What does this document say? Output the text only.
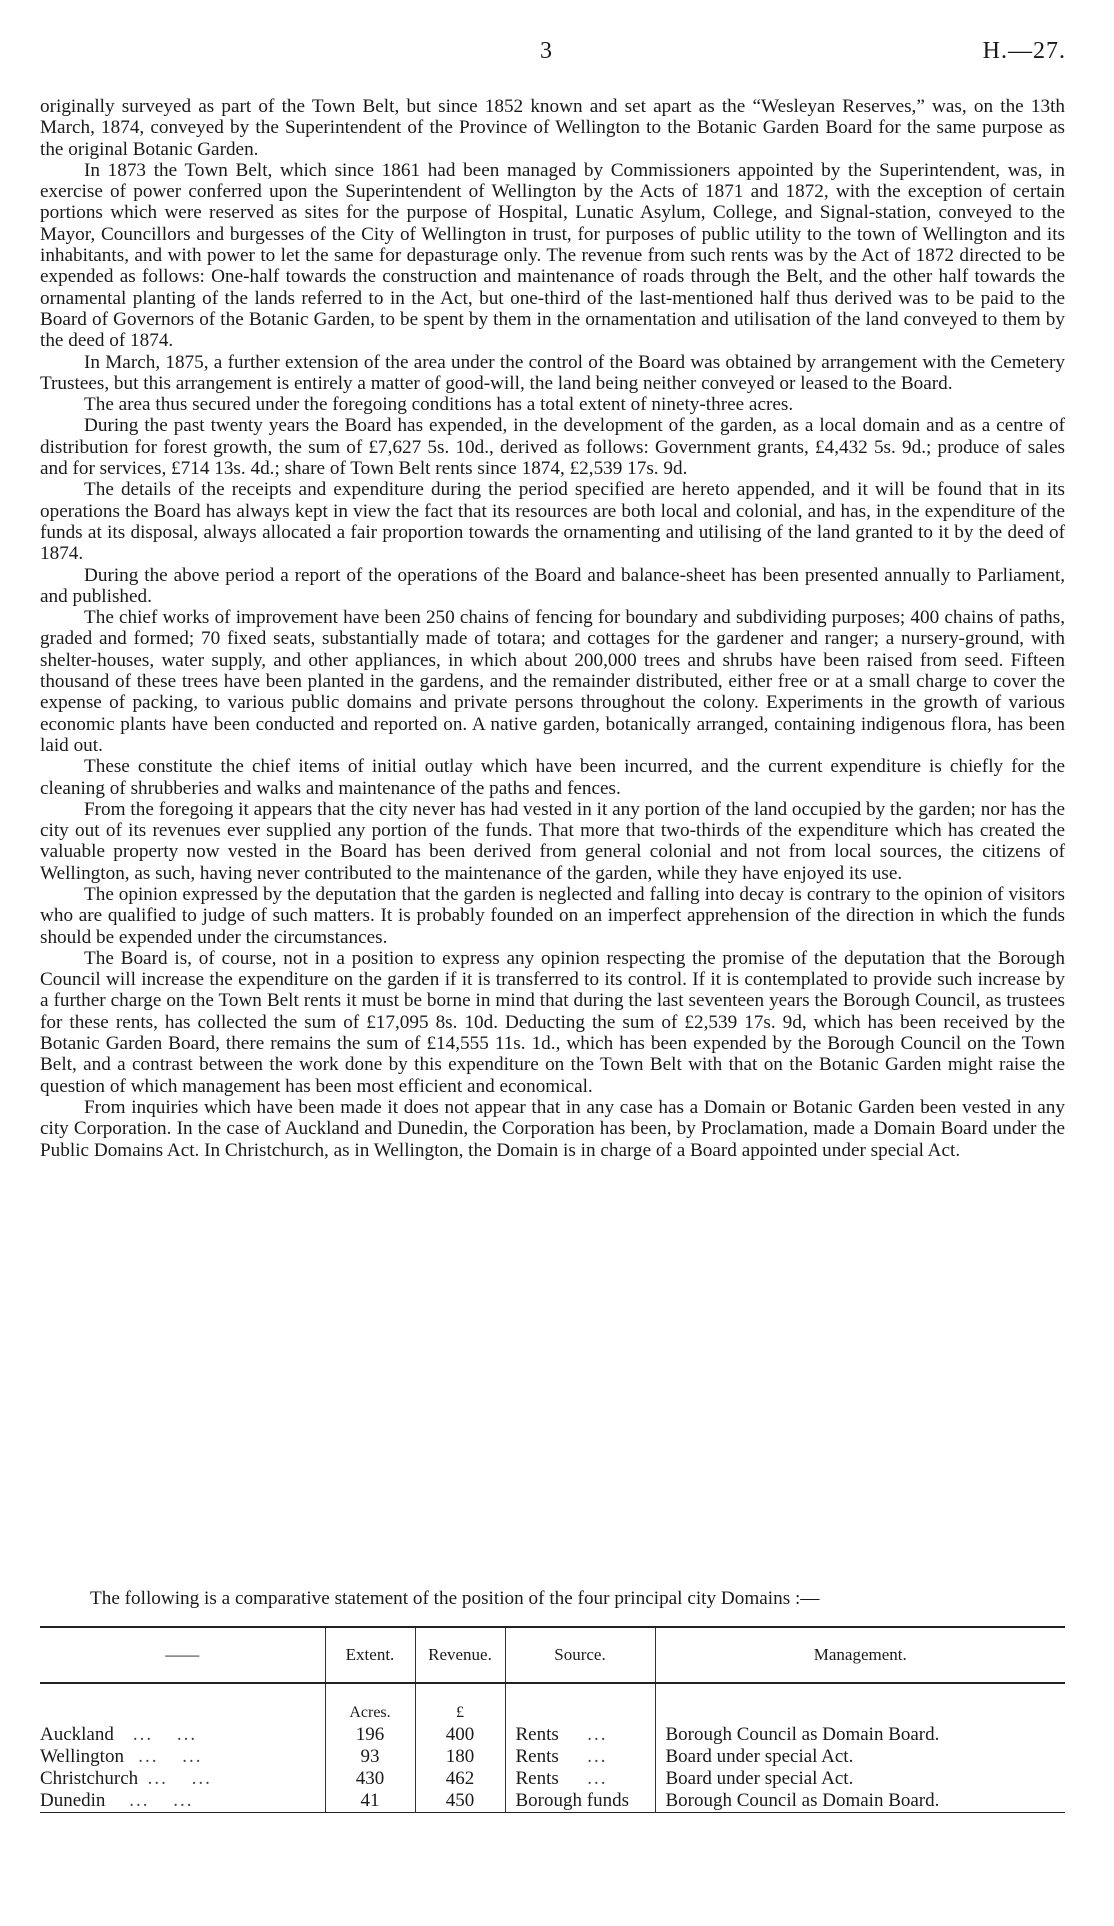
3	H.—27.

originally surveyed as part of the Town Belt, but since 1852 known and set apart as the “Wesleyan Reserves,” was, on the 13th March, 1874, conveyed by the Superintendent of the Province of Wellington to the Botanic Garden Board for the same purpose as the original Botanic Garden.

In 1873 the Town Belt, which since 1861 had been managed by Commissioners appointed by the Superintendent, was, in exercise of power conferred upon the Superintendent of Wellington by the Acts of 1871 and 1872, with the exception of certain portions which were reserved as sites for the purpose of Hospital, Lunatic Asylum, College, and Signal-station, conveyed to the Mayor, Councillors and burgesses of the City of Wellington in trust, for purposes of public utility to the town of Wellington and its inhabitants, and with power to let the same for depasturage only. The revenue from such rents was by the Act of 1872 directed to be expended as follows: One-half towards the construction and maintenance of roads through the Belt, and the other half towards the ornamental planting of the lands referred to in the Act, but one-third of the last-mentioned half thus derived was to be paid to the Board of Governors of the Botanic Garden, to be spent by them in the ornamentation and utilisation of the land conveyed to them by the deed of 1874.

In March, 1875, a further extension of the area under the control of the Board was obtained by arrangement with the Cemetery Trustees, but this arrangement is entirely a matter of good-will, the land being neither conveyed or leased to the Board.

The area thus secured under the foregoing conditions has a total extent of ninety-three acres.

During the past twenty years the Board has expended, in the development of the garden, as a local domain and as a centre of distribution for forest growth, the sum of £7,627 5s. 10d., derived as follows: Government grants, £4,432 5s. 9d.; produce of sales and for services, £714 13s. 4d.; share of Town Belt rents since 1874, £2,539 17s. 9d.

The details of the receipts and expenditure during the period specified are hereto appended, and it will be found that in its operations the Board has always kept in view the fact that its resources are both local and colonial, and has, in the expenditure of the funds at its disposal, always allocated a fair proportion towards the ornamenting and utilising of the land granted to it by the deed of 1874.

During the above period a report of the operations of the Board and balance-sheet has been presented annually to Parliament, and published.

The chief works of improvement have been 250 chains of fencing for boundary and subdividing purposes; 400 chains of paths, graded and formed; 70 fixed seats, substantially made of totara; and cottages for the gardener and ranger; a nursery-ground, with shelter-houses, water supply, and other appliances, in which about 200,000 trees and shrubs have been raised from seed. Fifteen thousand of these trees have been planted in the gardens, and the remainder distributed, either free or at a small charge to cover the expense of packing, to various public domains and private persons throughout the colony. Experiments in the growth of various economic plants have been conducted and reported on. A native garden, botanically arranged, containing indigenous flora, has been laid out.

These constitute the chief items of initial outlay which have been incurred, and the current expenditure is chiefly for the cleaning of shrubberies and walks and maintenance of the paths and fences.

From the foregoing it appears that the city never has had vested in it any portion of the land occupied by the garden; nor has the city out of its revenues ever supplied any portion of the funds. That more that two-thirds of the expenditure which has created the valuable property now vested in the Board has been derived from general colonial and not from local sources, the citizens of Wellington, as such, having never contributed to the maintenance of the garden, while they have enjoyed its use.

The opinion expressed by the deputation that the garden is neglected and falling into decay is contrary to the opinion of visitors who are qualified to judge of such matters. It is probably founded on an imperfect apprehension of the direction in which the funds should be expended under the circumstances.

The Board is, of course, not in a position to express any opinion respecting the promise of the deputation that the Borough Council will increase the expenditure on the garden if it is transferred to its control. If it is contemplated to provide such increase by a further charge on the Town Belt rents it must be borne in mind that during the last seventeen years the Borough Council, as trustees for these rents, has collected the sum of £17,095 8s. 10d. Deducting the sum of £2,539 17s. 9d, which has been received by the Botanic Garden Board, there remains the sum of £14,555 11s. 1d., which has been expended by the Borough Council on the Town Belt, and a contrast between the work done by this expenditure on the Town Belt with that on the Botanic Garden might raise the question of which management has been most efficient and economical.

From inquiries which have been made it does not appear that in any case has a Domain or Botanic Garden been vested in any city Corporation. In the case of Auckland and Dunedin, the Corporation has been, by Proclamation, made a Domain Board under the Public Domains Act. In Christchurch, as in Wellington, the Domain is in charge of a Board appointed under special Act.

The following is a comparative statement of the position of the four principal city Domains :—
——	Extent.	Revenue.	Source.	Management.
	Acres.	£		
Auckland ... ...	196	400	Rents ...	Borough Council as Domain Board.
Wellington ... ...	93	180	Rents ...	Board under special Act.
Christchurch ... ...	430	462	Rents ...	Board under special Act.
Dunedin ... ...	41	450	Borough funds	Borough Council as Domain Board.
